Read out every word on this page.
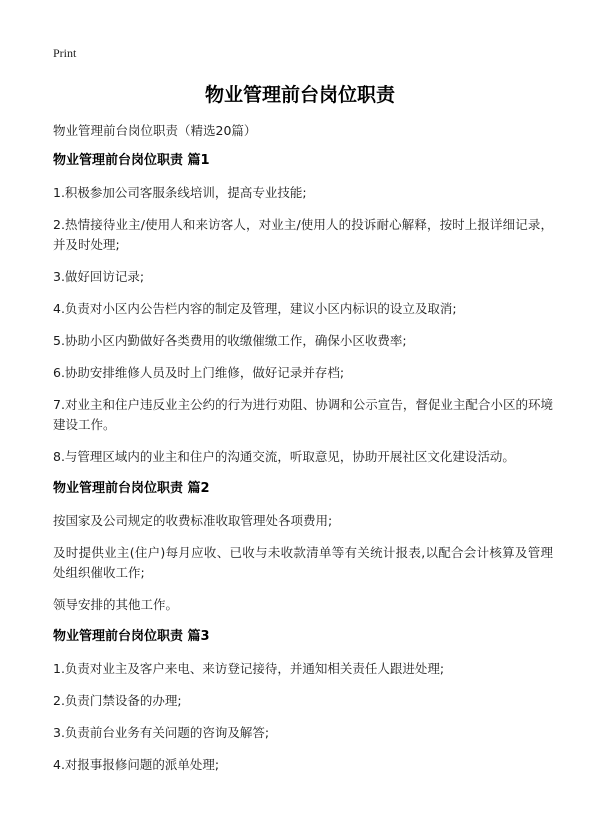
Print
物业管理前台岗位职责

物业管理前台岗位职责（精选20篇）

物业管理前台岗位职责 篇1

1.积极参加公司客服条线培训，提高专业技能;

2.热情接待业主/使用人和来访客人，对业主/使用人的投诉耐心解释，按时上报详细记录，并及时处理;

3.做好回访记录;

4.负责对小区内公告栏内容的制定及管理，建议小区内标识的设立及取消;

5.协助小区内勤做好各类费用的收缴催缴工作，确保小区收费率;

6.协助安排维修人员及时上门维修，做好记录并存档;

7.对业主和住户违反业主公约的行为进行劝阻、协调和公示宣告，督促业主配合小区的环境建设工作。

8.与管理区域内的业主和住户的沟通交流，听取意见，协助开展社区文化建设活动。

物业管理前台岗位职责 篇2

按国家及公司规定的收费标准收取管理处各项费用;

及时提供业主(住户)每月应收、已收与未收款清单等有关统计报表,以配合会计核算及管理处组织催收工作;

领导安排的其他工作。

物业管理前台岗位职责 篇3

1.负责对业主及客户来电、来访登记接待，并通知相关责任人跟进处理;

2.负责门禁设备的办理;

3.负责前台业务有关问题的咨询及解答;

4.对报事报修问题的派单处理;
